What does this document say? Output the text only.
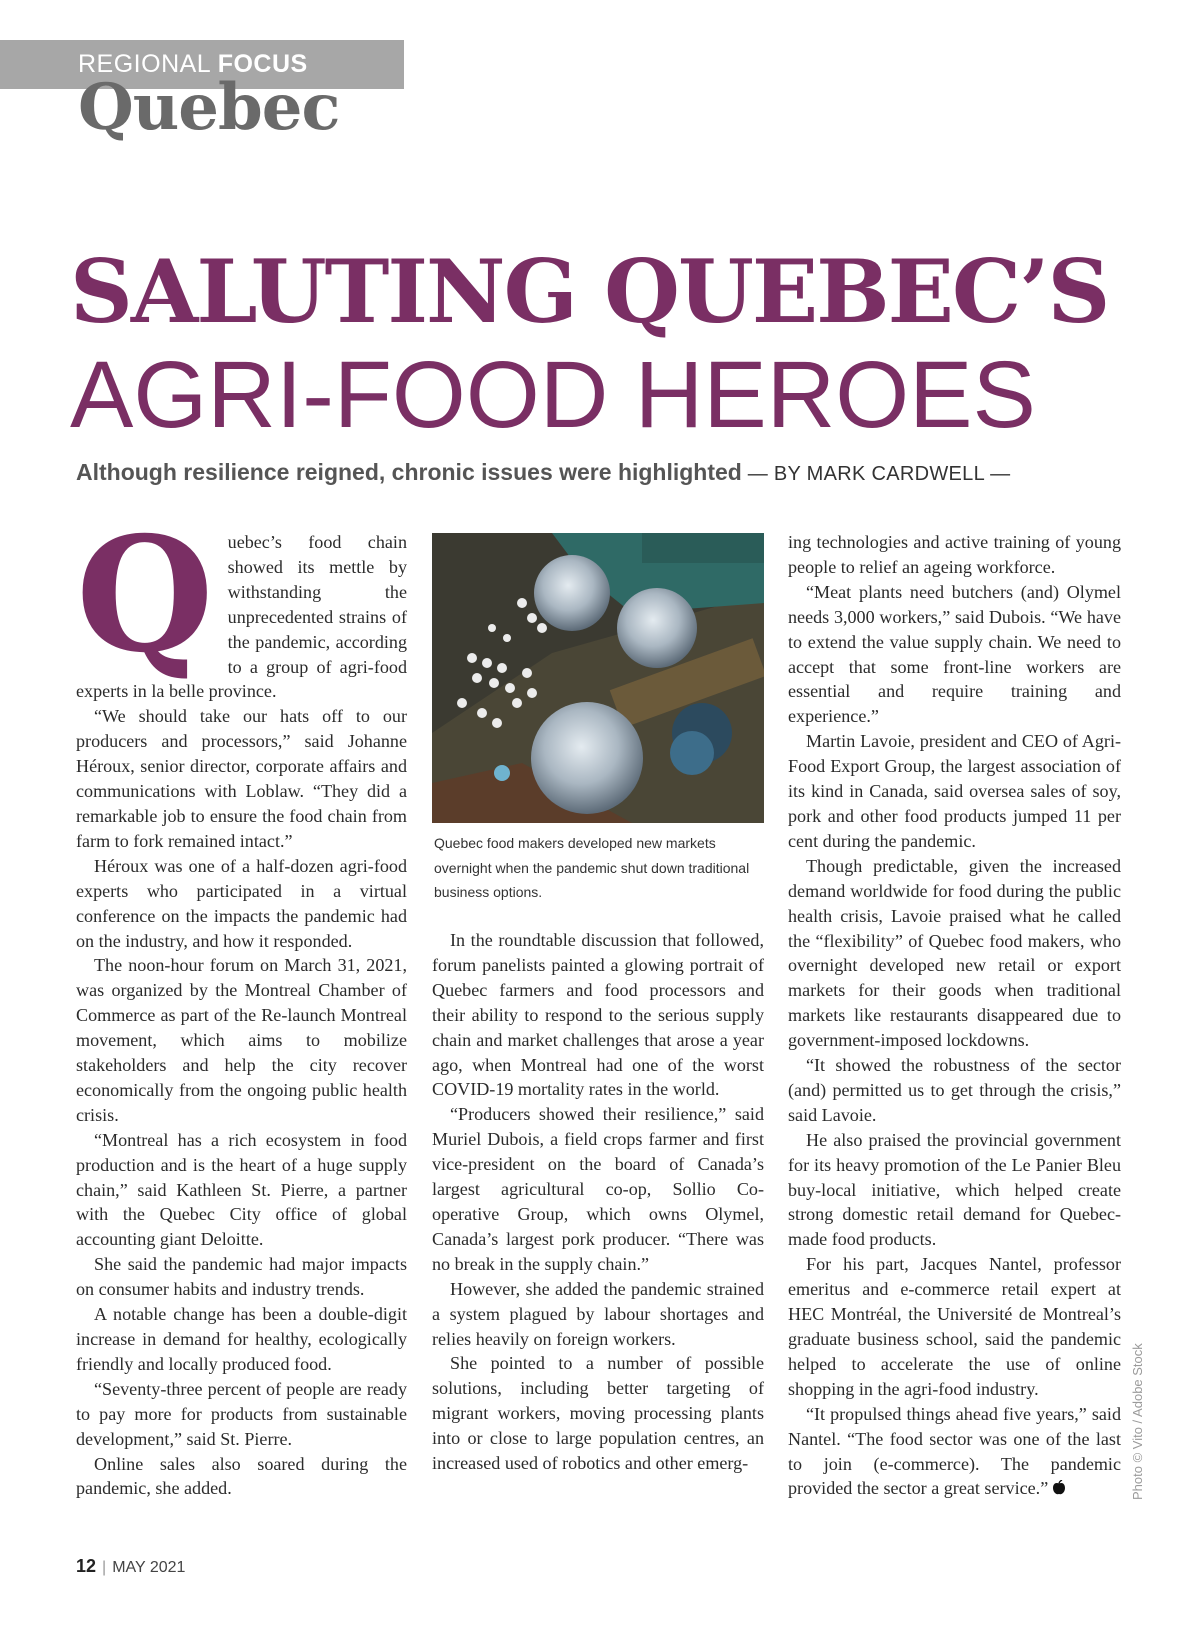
REGIONAL FOCUS
Quebec
SALUTING QUEBEC’S
AGRI-FOOD HEROES
Although resilience reigned, chronic issues were highlighted — BY MARK CARDWELL —
Q uebec’s food chain showed its mettle by withstanding the unprecedented strains of the pandemic, according to a group of agri-food experts in la belle province.

“We should take our hats off to our producers and processors,” said Johanne Héroux, senior director, corporate affairs and communications with Loblaw. “They did a remarkable job to ensure the food chain from farm to fork remained intact.”

Héroux was one of a half-dozen agri-food experts who participated in a virtual conference on the impacts the pandemic had on the industry, and how it responded.

The noon-hour forum on March 31, 2021, was organized by the Montreal Chamber of Commerce as part of the Re-launch Montreal movement, which aims to mobilize stakeholders and help the city recover economically from the ongoing public health crisis.

“Montreal has a rich ecosystem in food production and is the heart of a huge supply chain,” said Kathleen St. Pierre, a partner with the Quebec City office of global accounting giant Deloitte.

She said the pandemic had major impacts on consumer habits and industry trends.

A notable change has been a double-digit increase in demand for healthy, ecologically friendly and locally produced food.

“Seventy-three percent of people are ready to pay more for products from sustainable development,” said St. Pierre.

Online sales also soared during the pandemic, she added.

Quebec food makers developed new markets overnight when the pandemic shut down traditional business options.

In the roundtable discussion that followed, forum panelists painted a glowing portrait of Quebec farmers and food processors and their ability to respond to the serious supply chain and market challenges that arose a year ago, when Montreal had one of the worst COVID-19 mortality rates in the world.

“Producers showed their resilience,” said Muriel Dubois, a field crops farmer and first vice-president on the board of Canada’s largest agricultural co-op, Sollio Co-operative Group, which owns Olymel, Canada’s largest pork producer. “There was no break in the supply chain.”

However, she added the pandemic strained a system plagued by labour shortages and relies heavily on foreign workers.

She pointed to a number of possible solutions, including better targeting of migrant workers, moving processing plants into or close to large population centres, an increased used of robotics and other emerg-

ing technologies and active training of young people to relief an ageing workforce.

“Meat plants need butchers (and) Olymel needs 3,000 workers,” said Dubois. “We have to extend the value supply chain. We need to accept that some front-line workers are essential and require training and experience.”

Martin Lavoie, president and CEO of Agri-Food Export Group, the largest association of its kind in Canada, said oversea sales of soy, pork and other food products jumped 11 per cent during the pandemic.

Though predictable, given the increased demand worldwide for food during the public health crisis, Lavoie praised what he called the “flexibility” of Quebec food makers, who overnight developed new retail or export markets for their goods when traditional markets like restaurants disappeared due to government-imposed lockdowns.

“It showed the robustness of the sector (and) permitted us to get through the crisis,” said Lavoie.

He also praised the provincial government for its heavy promotion of the Le Panier Bleu buy-local initiative, which helped create strong domestic retail demand for Quebec-made food products.

For his part, Jacques Nantel, professor emeritus and e-commerce retail expert at HEC Montréal, the Université de Montreal’s graduate business school, said the pandemic helped to accelerate the use of online shopping in the agri-food industry.

“It propulsed things ahead five years,” said Nantel. “The food sector was one of the last to join (e-commerce). The pandemic provided the sector a great service.”	Photo © Vito / Adobe Stock
12 | MAY 2021
